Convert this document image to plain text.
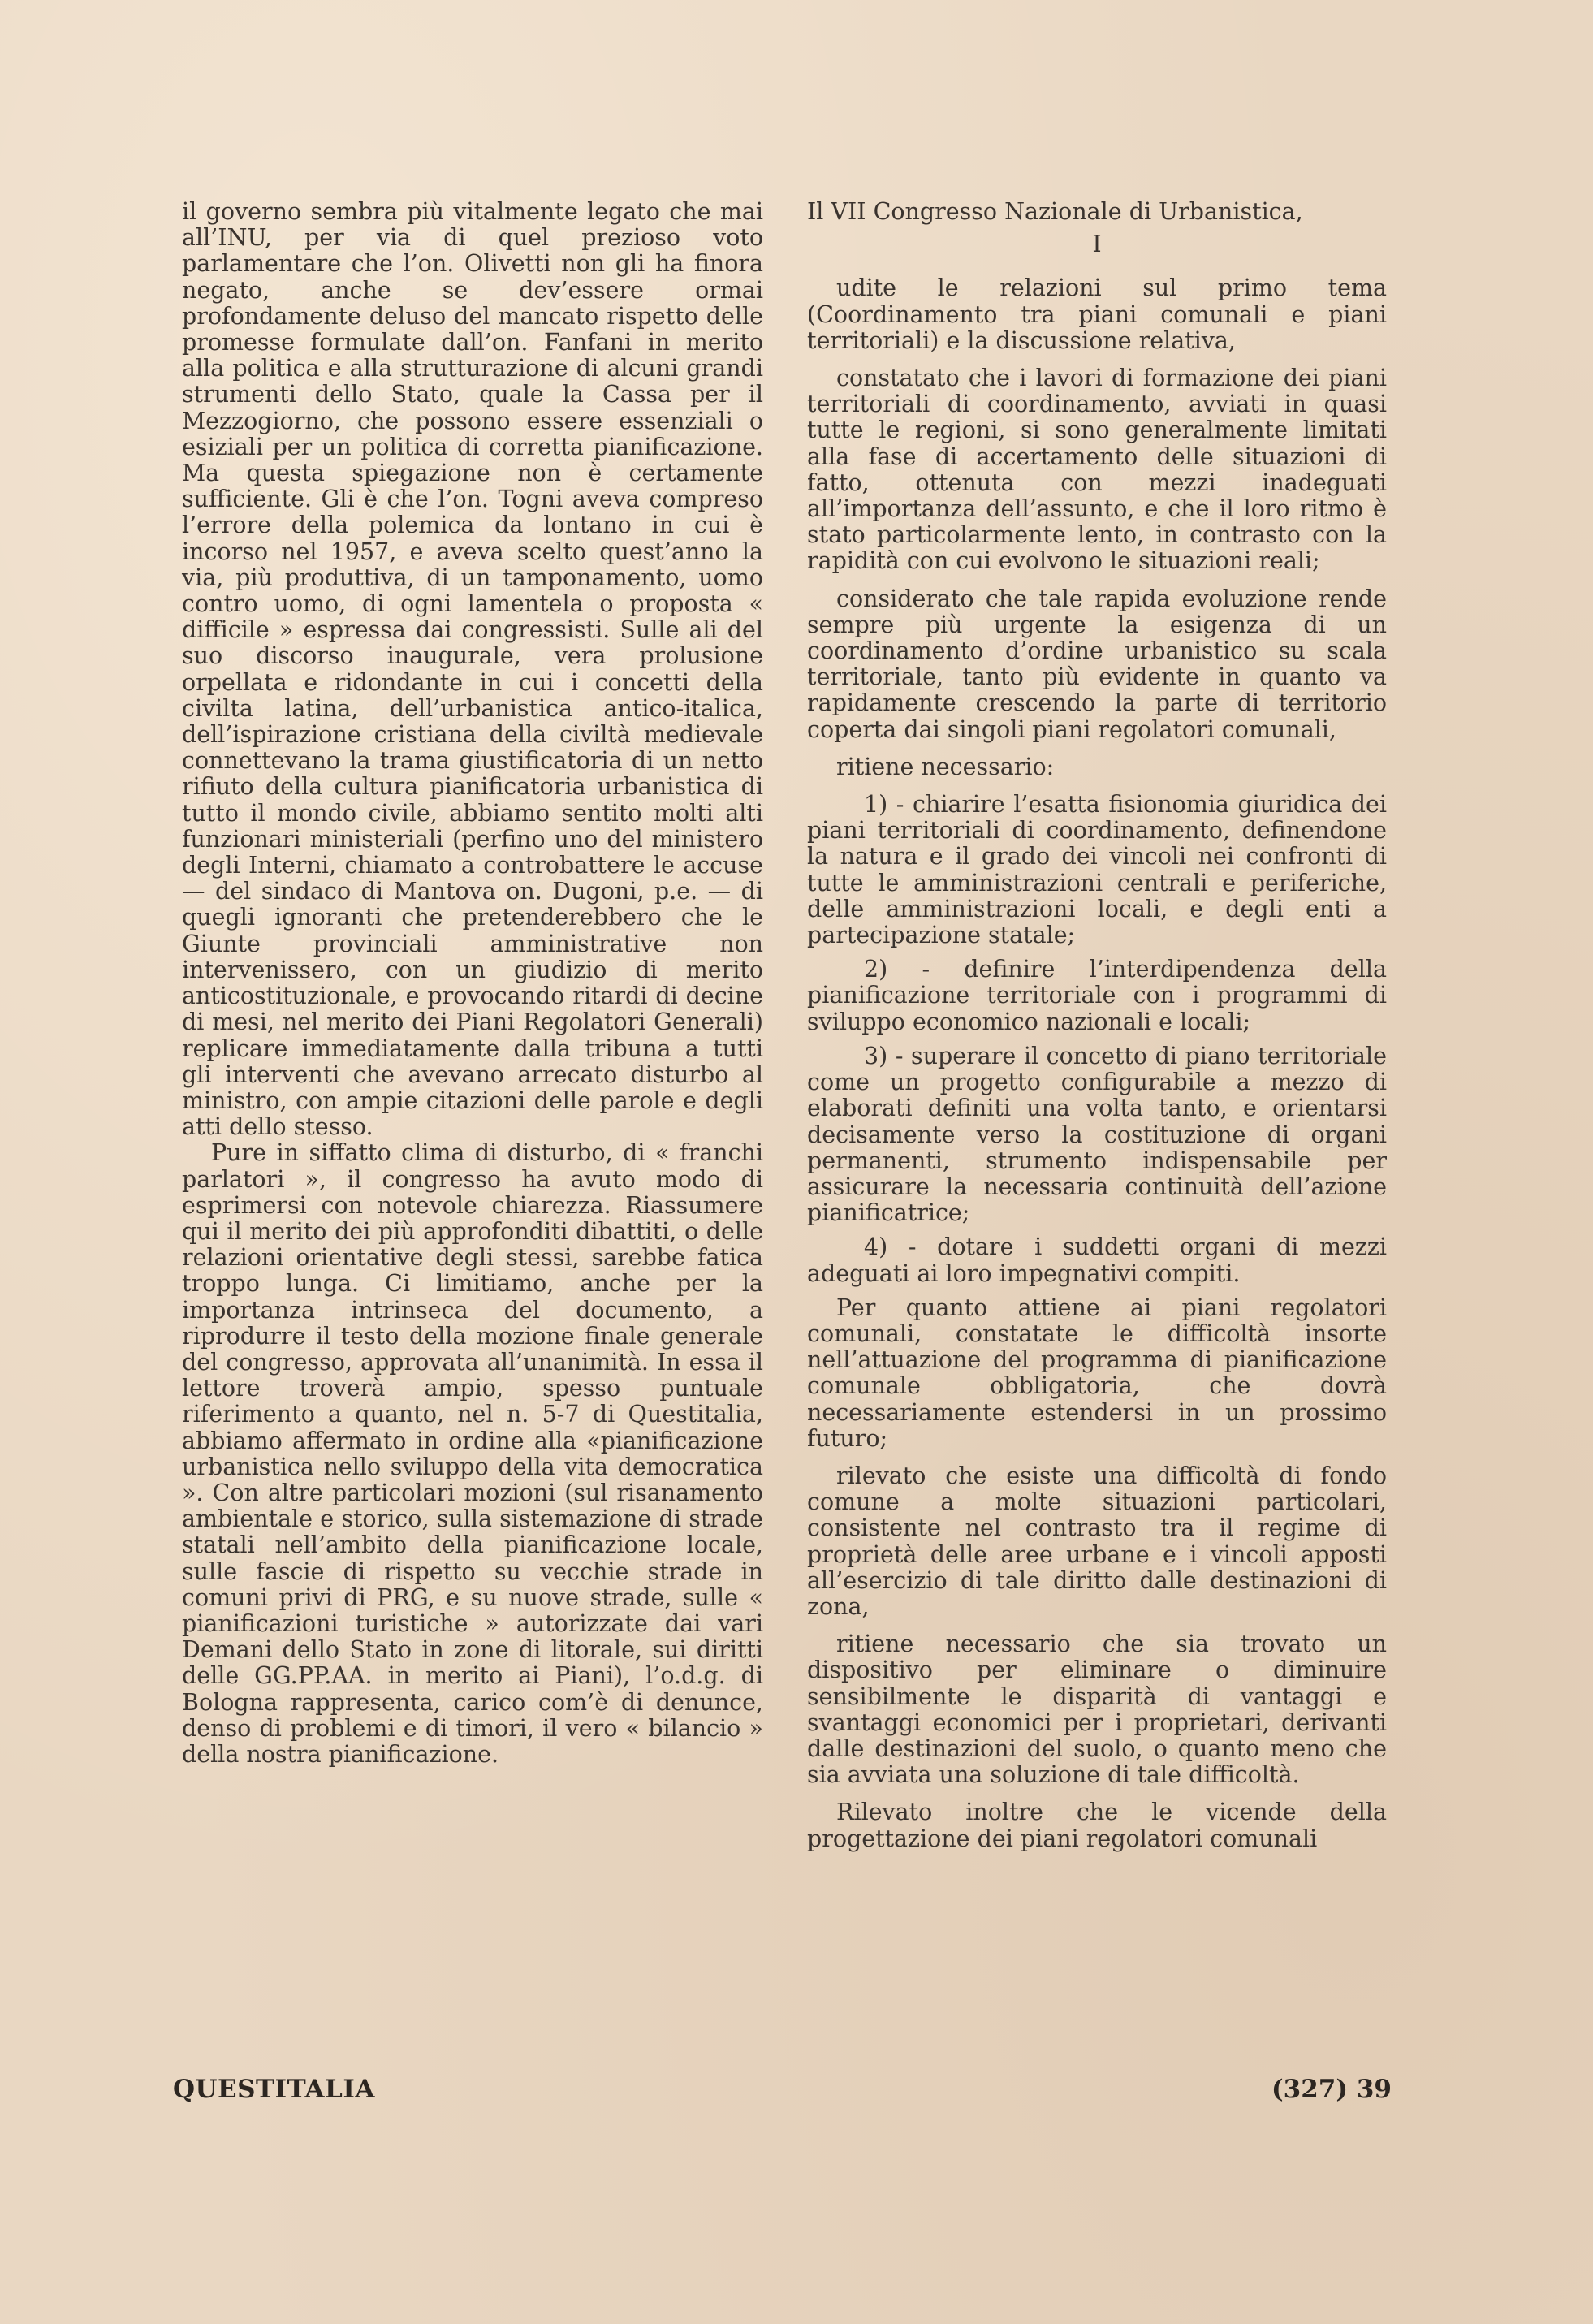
il governo sembra più vitalmente legato che mai all’INU, per via di quel prezioso voto parlamentare che l’on. Olivetti non gli ha finora negato, anche se dev’essere ormai profondamente deluso del mancato rispetto delle promesse formulate dall’on. Fanfani in merito alla politica e alla strutturazione di alcuni grandi strumenti dello Stato, quale la Cassa per il Mezzogiorno, che possono essere essenziali o esiziali per un politica di corretta pianificazione. Ma questa spiegazione non è certamente sufficiente. Gli è che l’on. Togni aveva compreso l’errore della polemica da lontano in cui è incorso nel 1957, e aveva scelto quest’anno la via, più produttiva, di un tamponamento, uomo contro uomo, di ogni lamentela o proposta « difficile » espressa dai congressisti. Sulle ali del suo discorso inaugurale, vera prolusione orpellata e ridondante in cui i concetti della civilta latina, dell’urbanistica antico-italica, dell’ispirazione cristiana della civiltà medievale connettevano la trama giustificatoria di un netto rifiuto della cultura pianificatoria urbanistica di tutto il mondo civile, abbiamo sentito molti alti funzionari ministeriali (perfino uno del ministero degli Interni, chiamato a controbattere le accuse — del sindaco di Mantova on. Dugoni, p.e. — di quegli ignoranti che pretenderebbero che le Giunte provinciali amministrative non intervenissero, con un giudizio di merito anticostituzionale, e provocando ritardi di decine di mesi, nel merito dei Piani Regolatori Generali) replicare immediatamente dalla tribuna a tutti gli interventi che avevano arrecato disturbo al ministro, con ampie citazioni delle parole e degli atti dello stesso.

Pure in siffatto clima di disturbo, di « franchi parlatori », il congresso ha avuto modo di esprimersi con notevole chiarezza. Riassumere qui il merito dei più approfonditi dibattiti, o delle relazioni orientative degli stessi, sarebbe fatica troppo lunga. Ci limitiamo, anche per la importanza intrinseca del documento, a riprodurre il testo della mozione finale generale del congresso, approvata all’unanimità. In essa il lettore troverà ampio, spesso puntuale riferimento a quanto, nel n. 5-7 di Questitalia, abbiamo affermato in ordine alla «pianificazione urbanistica nello sviluppo della vita democratica ». Con altre particolari mozioni (sul risanamento ambientale e storico, sulla sistemazione di strade statali nell’ambito della pianificazione locale, sulle fascie di rispetto su vecchie strade in comuni privi di PRG, e su nuove strade, sulle « pianificazioni turistiche » autorizzate dai vari Demani dello Stato in zone di litorale, sui diritti delle GG.PP.AA. in merito ai Piani), l’o.d.g. di Bologna rappresenta, carico com’è di denunce, denso di problemi e di timori, il vero « bilancio » della nostra pianificazione.

Il VII Congresso Nazionale di Urbanistica,

I

udite le relazioni sul primo tema (Coordinamento tra piani comunali e piani territoriali) e la discussione relativa,

constatato che i lavori di formazione dei piani territoriali di coordinamento, avviati in quasi tutte le regioni, si sono generalmente limitati alla fase di accertamento delle situazioni di fatto, ottenuta con mezzi inadeguati all’importanza dell’assunto, e che il loro ritmo è stato particolarmente lento, in contrasto con la rapidità con cui evolvono le situazioni reali;

considerato che tale rapida evoluzione rende sempre più urgente la esigenza di un coordinamento d’ordine urbanistico su scala territoriale, tanto più evidente in quanto va rapidamente crescendo la parte di territorio coperta dai singoli piani regolatori comunali,

ritiene necessario:

1) - chiarire l’esatta fisionomia giuridica dei piani territoriali di coordinamento, definendone la natura e il grado dei vincoli nei confronti di tutte le amministrazioni centrali e periferiche, delle amministrazioni locali, e degli enti a partecipazione statale;

2) - definire l’interdipendenza della pianificazione territoriale con i programmi di sviluppo economico nazionali e locali;

3) - superare il concetto di piano territoriale come un progetto configurabile a mezzo di elaborati definiti una volta tanto, e orientarsi decisamente verso la costituzione di organi permanenti, strumento indispensabile per assicurare la necessaria continuità dell’azione pianificatrice;

4) - dotare i suddetti organi di mezzi adeguati ai loro impegnativi compiti.

Per quanto attiene ai piani regolatori comunali, constatate le difficoltà insorte nell’attuazione del programma di pianificazione comunale obbligatoria, che dovrà necessariamente estendersi in un prossimo futuro;

rilevato che esiste una difficoltà di fondo comune a molte situazioni particolari, consistente nel contrasto tra il regime di proprietà delle aree urbane e i vincoli apposti all’esercizio di tale diritto dalle destinazioni di zona,

ritiene necessario che sia trovato un dispositivo per eliminare o diminuire sensibilmente le disparità di vantaggi e svantaggi economici per i proprietari, derivanti dalle destinazioni del suolo, o quanto meno che sia avviata una soluzione di tale difficoltà.

Rilevato inoltre che le vicende della progettazione dei piani regolatori comunali

QUESTITALIA	(327) 39
